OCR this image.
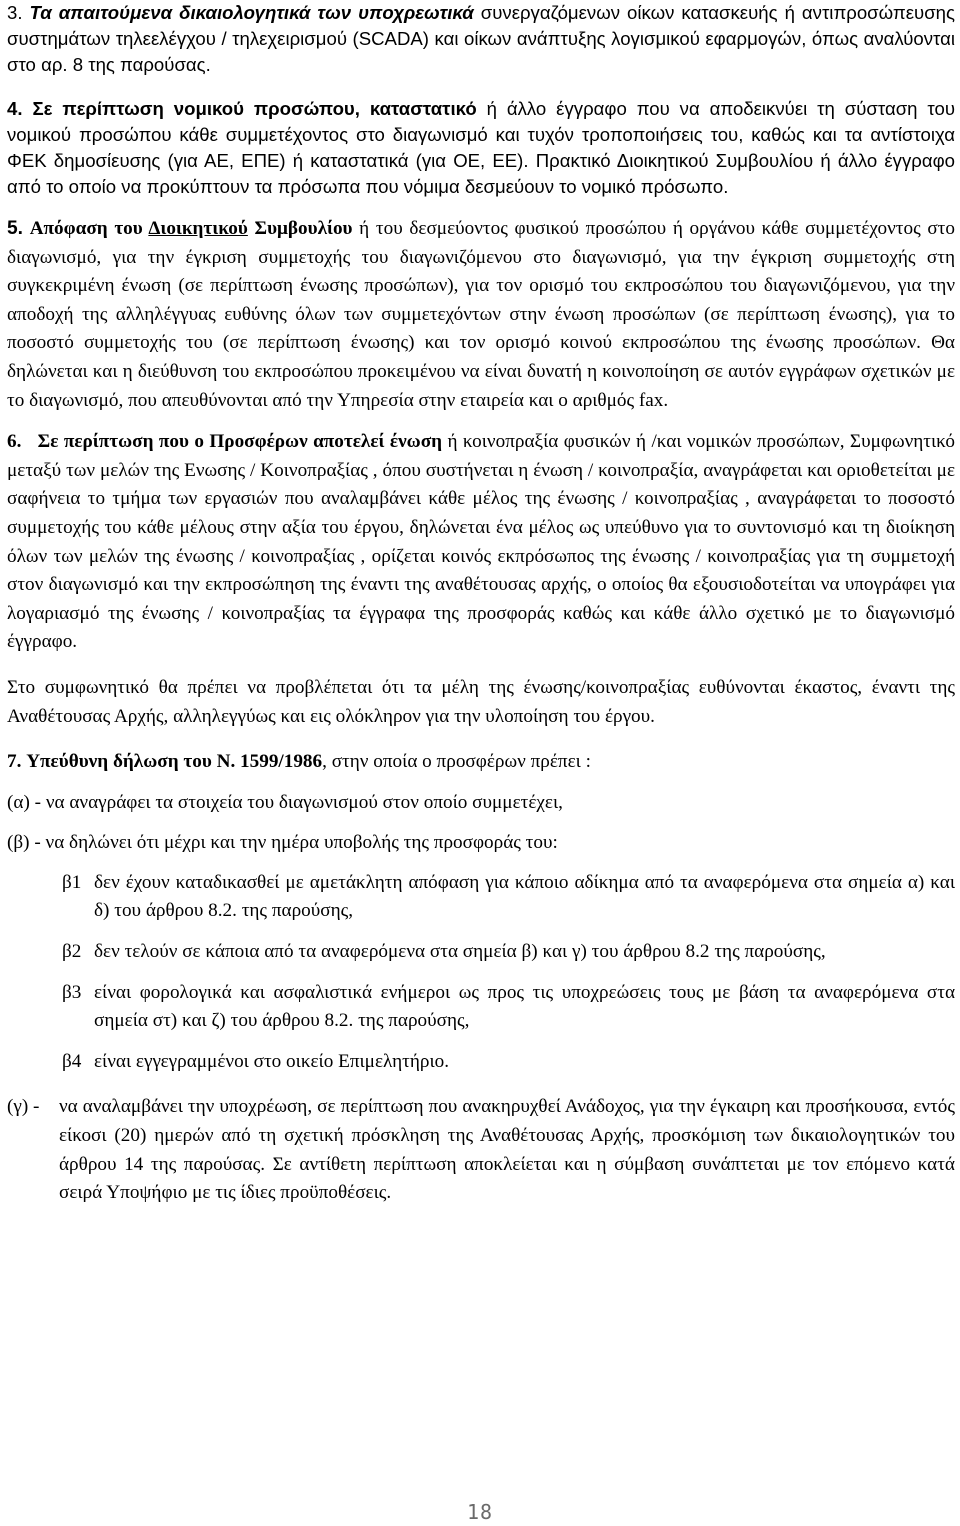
3. Τα απαιτούμενα δικαιολογητικά των υποχρεωτικά συνεργαζόμενων οίκων κατασκευής ή αντιπροσώπευσης συστημάτων τηλεελέγχου / τηλεχειρισμού (SCADA) και οίκων ανάπτυξης λογισμικού εφαρμογών, όπως αναλύονται στο αρ. 8 της παρούσας.

4. Σε περίπτωση νομικού προσώπου, καταστατικό ή άλλο έγγραφο που να αποδεικνύει τη σύσταση του νομικού προσώπου κάθε συμμετέχοντος στο διαγωνισμό και τυχόν τροποποιήσεις του, καθώς και τα αντίστοιχα ΦΕΚ δημοσίευσης (για ΑΕ, ΕΠΕ) ή καταστατικά (για ΟΕ, ΕΕ). Πρακτικό Διοικητικού Συμβουλίου ή άλλο έγγραφο από το οποίο να προκύπτουν τα πρόσωπα που νόμιμα δεσμεύουν το νομικό πρόσωπο.

5. Απόφαση του Διοικητικού Συμβουλίου ή του δεσμεύοντος φυσικού προσώπου ή οργάνου κάθε συμμετέχοντος στο διαγωνισμό, για την έγκριση συμμετοχής του διαγωνιζόμενου στο διαγωνισμό, για την έγκριση συμμετοχής στη συγκεκριμένη ένωση (σε περίπτωση ένωσης προσώπων), για τον ορισμό του εκπροσώπου του διαγωνιζόμενου, για την αποδοχή της αλληλέγγυας ευθύνης όλων των συμμετεχόντων στην ένωση προσώπων (σε περίπτωση ένωσης), για το ποσοστό συμμετοχής του (σε περίπτωση ένωσης) και τον ορισμό κοινού εκπροσώπου της ένωσης προσώπων. Θα δηλώνεται και η διεύθυνση του εκπροσώπου προκειμένου να είναι δυνατή η κοινοποίηση σε αυτόν εγγράφων σχετικών με το διαγωνισμό, που απευθύνονται από την Υπηρεσία στην εταιρεία και ο αριθμός fax.

6. Σε περίπτωση που ο Προσφέρων αποτελεί ένωση ή κοινοπραξία φυσικών ή /και νομικών προσώπων, Συμφωνητικό μεταξύ των μελών της Ενωσης / Κοινοπραξίας , όπου συστήνεται η ένωση / κοινοπραξία, αναγράφεται και οριοθετείται με σαφήνεια το τμήμα των εργασιών που αναλαμβάνει κάθε μέλος της ένωσης / κοινοπραξίας , αναγράφεται το ποσοστό συμμετοχής του κάθε μέλους στην αξία του έργου, δηλώνεται ένα μέλος ως υπεύθυνο για το συντονισμό και τη διοίκηση όλων των μελών της ένωσης / κοινοπραξίας , ορίζεται κοινός εκπρόσωπος της ένωσης / κοινοπραξίας για τη συμμετοχή στον διαγωνισμό και την εκπροσώπηση της έναντι της αναθέτουσας αρχής, ο οποίος θα εξουσιοδοτείται να υπογράφει για λογαριασμό της ένωσης / κοινοπραξίας τα έγγραφα της προσφοράς καθώς και κάθε άλλο σχετικό με το διαγωνισμό έγγραφο.

Στο συμφωνητικό θα πρέπει να προβλέπεται ότι τα μέλη της ένωσης/κοινοπραξίας ευθύνονται έκαστος, έναντι της Αναθέτουσας Αρχής, αλληλεγγύως και εις ολόκληρον για την υλοποίηση του έργου.

7. Υπεύθυνη δήλωση του Ν. 1599/1986, στην οποία ο προσφέρων πρέπει :

(α) - να αναγράφει τα στοιχεία του διαγωνισμού στον οποίο συμμετέχει,
(β) - να δηλώνει ότι μέχρι και την ημέρα υποβολής της προσφοράς του:
β1 δεν έχουν καταδικασθεί με αμετάκλητη απόφαση για κάποιο αδίκημα από τα αναφερόμενα στα σημεία α) και δ) του άρθρου 8.2. της παρούσης,
β2 δεν τελούν σε κάποια από τα αναφερόμενα στα σημεία β) και γ) του άρθρου 8.2 της παρούσης,
β3 είναι φορολογικά και ασφαλιστικά ενήμεροι ως προς τις υποχρεώσεις τους με βάση τα αναφερόμενα στα σημεία στ) και ζ) του άρθρου 8.2. της παρούσης,
β4 είναι εγγεγραμμένοι στο οικείο Επιμελητήριο.
(γ) - να αναλαμβάνει την υποχρέωση, σε περίπτωση που ανακηρυχθεί Ανάδοχος, για την έγκαιρη και προσήκουσα, εντός είκοσι (20) ημερών από τη σχετική πρόσκληση της Αναθέτουσας Αρχής, προσκόμιση των δικαιολογητικών του άρθρου 14 της παρούσας. Σε αντίθετη περίπτωση αποκλείεται και η σύμβαση συνάπτεται με τον επόμενο κατά σειρά Υποψήφιο με τις ίδιες προϋποθέσεις.
18
